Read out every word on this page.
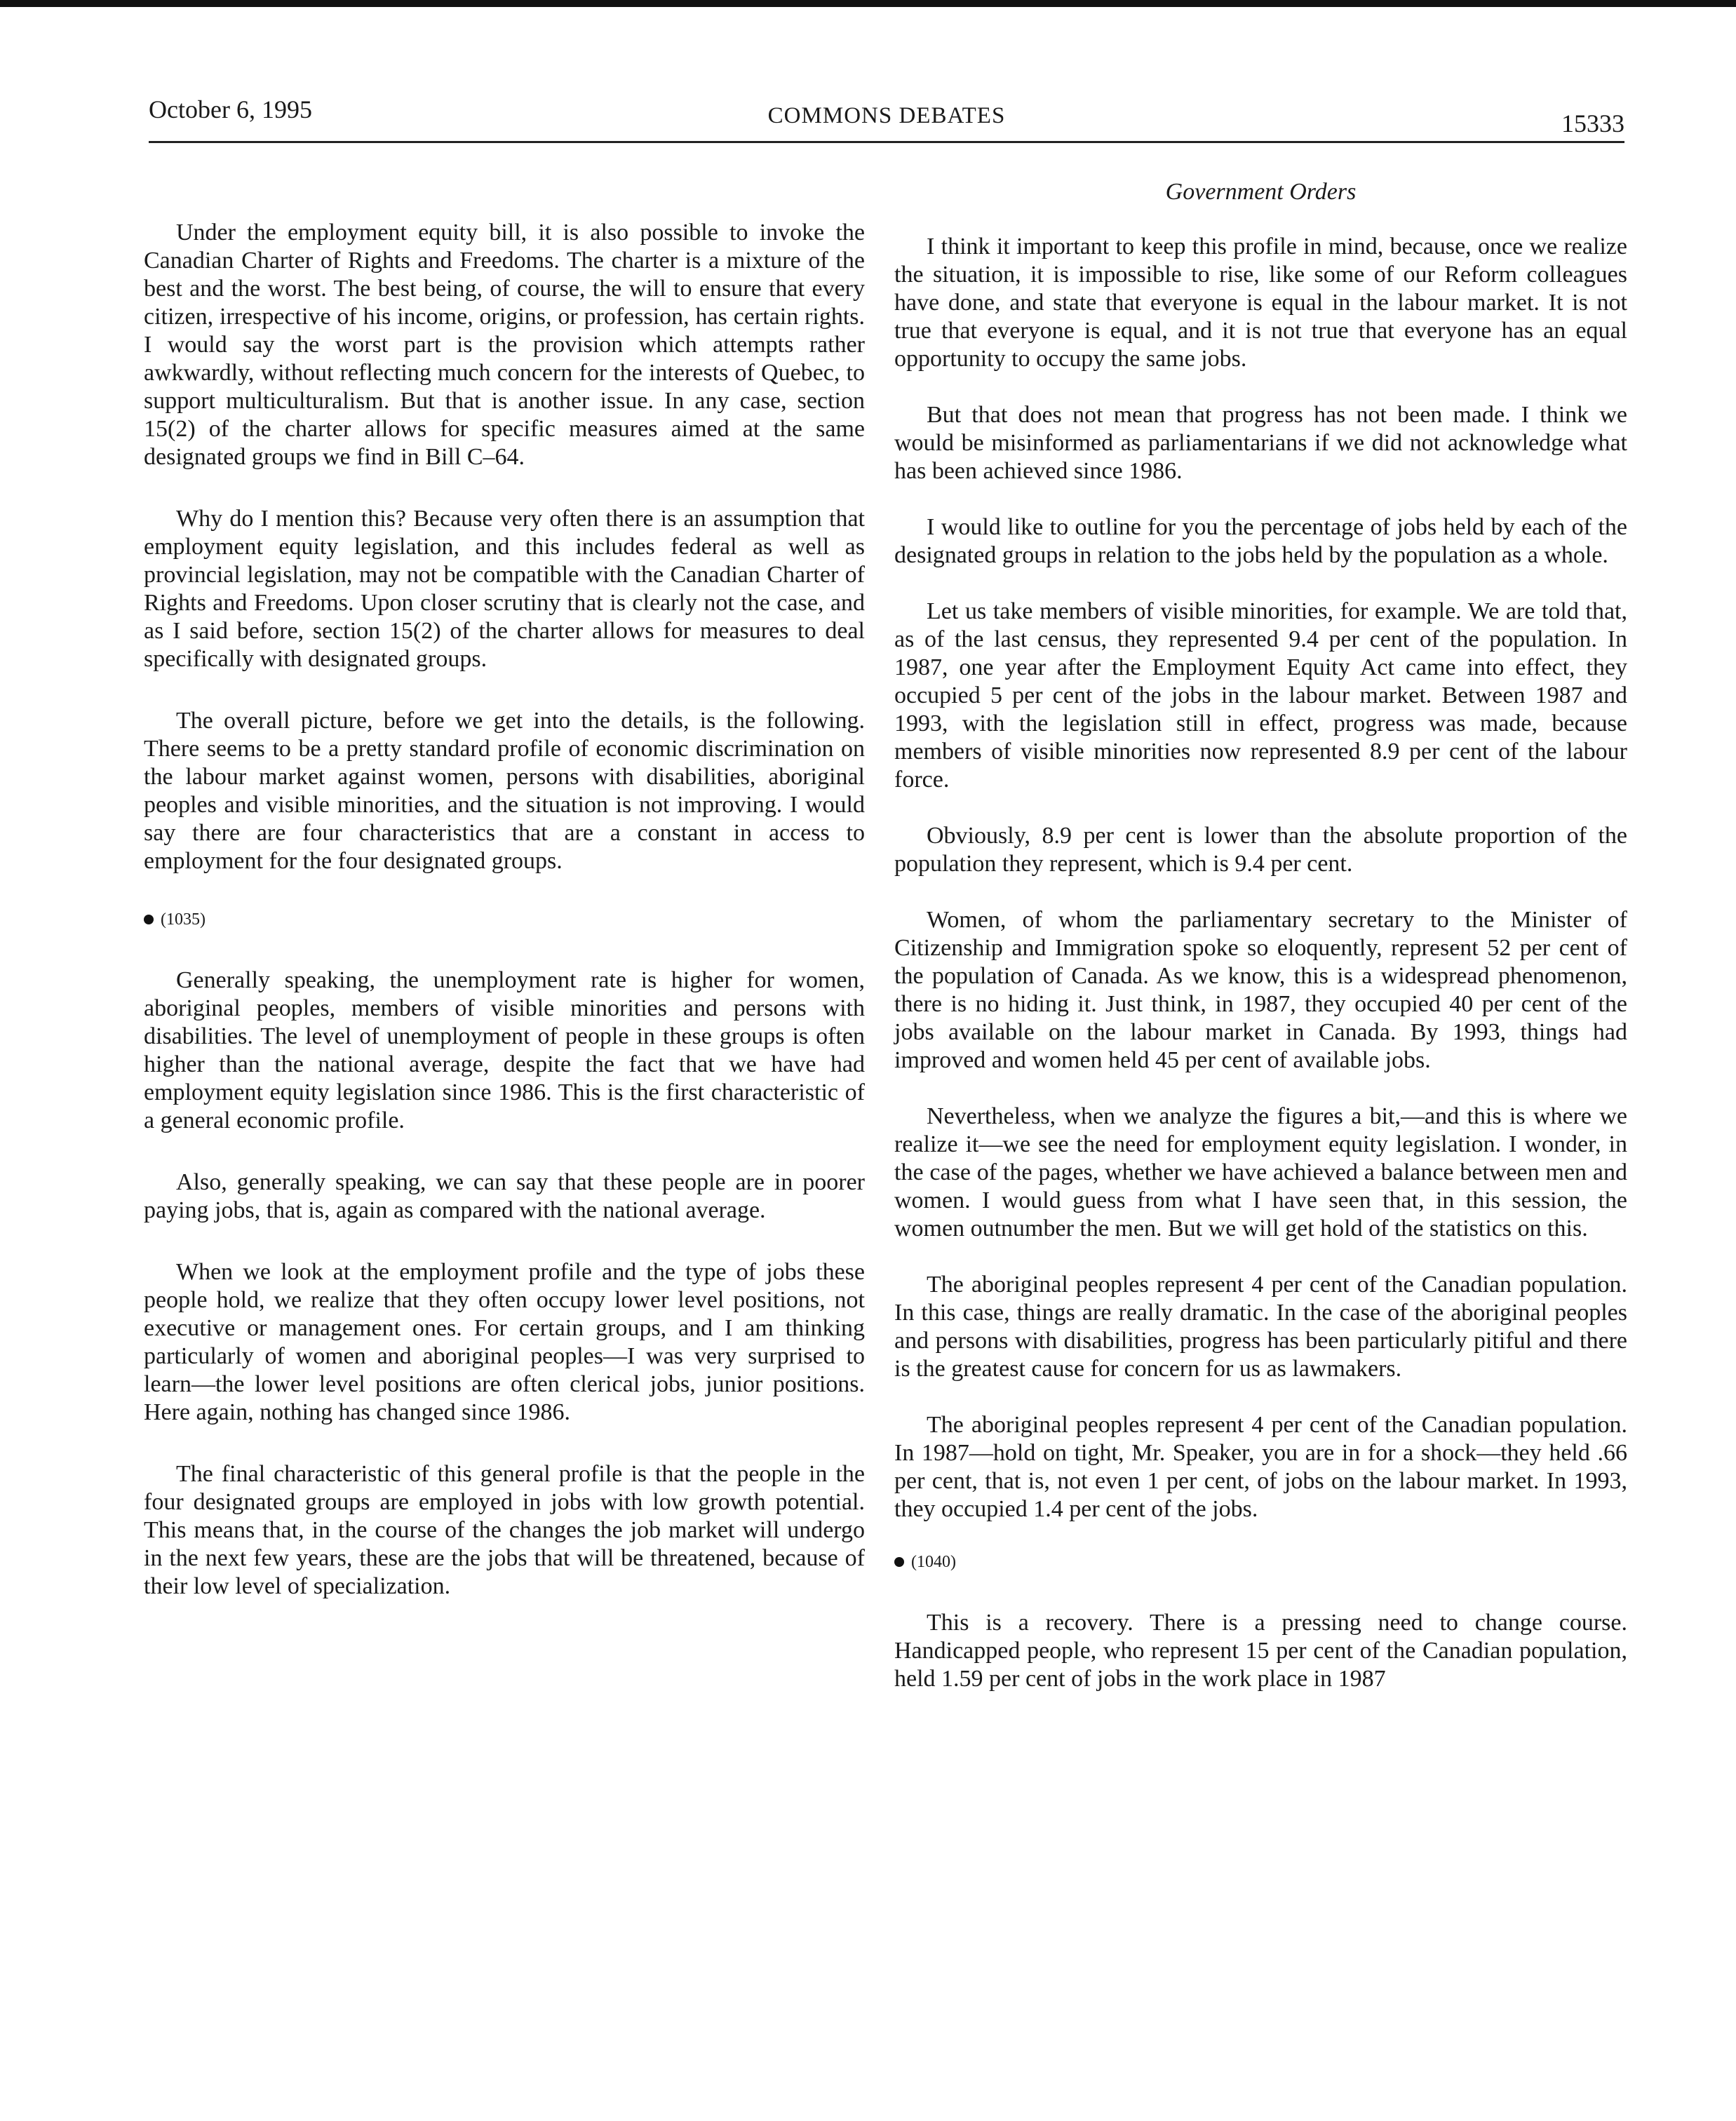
October 6, 1995	COMMONS DEBATES	15333
Government Orders

Under the employment equity bill, it is also possible to invoke the Canadian Charter of Rights and Freedoms. The charter is a mixture of the best and the worst. The best being, of course, the will to ensure that every citizen, irrespective of his income, origins, or profession, has certain rights. I would say the worst part is the provision which attempts rather awkwardly, without reflecting much concern for the interests of Quebec, to support multiculturalism. But that is another issue. In any case, section 15(2) of the charter allows for specific measures aimed at the same designated groups we find in Bill C–64.

Why do I mention this? Because very often there is an assumption that employment equity legislation, and this includes federal as well as provincial legislation, may not be compatible with the Canadian Charter of Rights and Freedoms. Upon closer scrutiny that is clearly not the case, and as I said before, section 15(2) of the charter allows for measures to deal specifically with designated groups.

The overall picture, before we get into the details, is the following. There seems to be a pretty standard profile of economic discrimination on the labour market against women, persons with disabilities, aboriginal peoples and visible minorities, and the situation is not improving. I would say there are four characteristics that are a constant in access to employment for the four designated groups.

(1035)

Generally speaking, the unemployment rate is higher for women, aboriginal peoples, members of visible minorities and persons with disabilities. The level of unemployment of people in these groups is often higher than the national average, despite the fact that we have had employment equity legislation since 1986. This is the first characteristic of a general economic profile.

Also, generally speaking, we can say that these people are in poorer paying jobs, that is, again as compared with the national average.

When we look at the employment profile and the type of jobs these people hold, we realize that they often occupy lower level positions, not executive or management ones. For certain groups, and I am thinking particularly of women and aboriginal peoples—I was very surprised to learn—the lower level positions are often clerical jobs, junior positions. Here again, nothing has changed since 1986.

The final characteristic of this general profile is that the people in the four designated groups are employed in jobs with low growth potential. This means that, in the course of the changes the job market will undergo in the next few years, these are the jobs that will be threatened, because of their low level of specialization.

I think it important to keep this profile in mind, because, once we realize the situation, it is impossible to rise, like some of our Reform colleagues have done, and state that everyone is equal in the labour market. It is not true that everyone is equal, and it is not true that everyone has an equal opportunity to occupy the same jobs.

But that does not mean that progress has not been made. I think we would be misinformed as parliamentarians if we did not acknowledge what has been achieved since 1986.

I would like to outline for you the percentage of jobs held by each of the designated groups in relation to the jobs held by the population as a whole.

Let us take members of visible minorities, for example. We are told that, as of the last census, they represented 9.4 per cent of the population. In 1987, one year after the Employment Equity Act came into effect, they occupied 5 per cent of the jobs in the labour market. Between 1987 and 1993, with the legislation still in effect, progress was made, because members of visible minorities now represented 8.9 per cent of the labour force.

Obviously, 8.9 per cent is lower than the absolute proportion of the population they represent, which is 9.4 per cent.

Women, of whom the parliamentary secretary to the Minister of Citizenship and Immigration spoke so eloquently, represent 52 per cent of the population of Canada. As we know, this is a widespread phenomenon, there is no hiding it. Just think, in 1987, they occupied 40 per cent of the jobs available on the labour market in Canada. By 1993, things had improved and women held 45 per cent of available jobs.

Nevertheless, when we analyze the figures a bit,—and this is where we realize it—we see the need for employment equity legislation. I wonder, in the case of the pages, whether we have achieved a balance between men and women. I would guess from what I have seen that, in this session, the women outnumber the men. But we will get hold of the statistics on this.

The aboriginal peoples represent 4 per cent of the Canadian population. In this case, things are really dramatic. In the case of the aboriginal peoples and persons with disabilities, progress has been particularly pitiful and there is the greatest cause for concern for us as lawmakers.

The aboriginal peoples represent 4 per cent of the Canadian population. In 1987—hold on tight, Mr. Speaker, you are in for a shock—they held .66 per cent, that is, not even 1 per cent, of jobs on the labour market. In 1993, they occupied 1.4 per cent of the jobs.

(1040)

This is a recovery. There is a pressing need to change course. Handicapped people, who represent 15 per cent of the Canadian population, held 1.59 per cent of jobs in the work place in 1987
